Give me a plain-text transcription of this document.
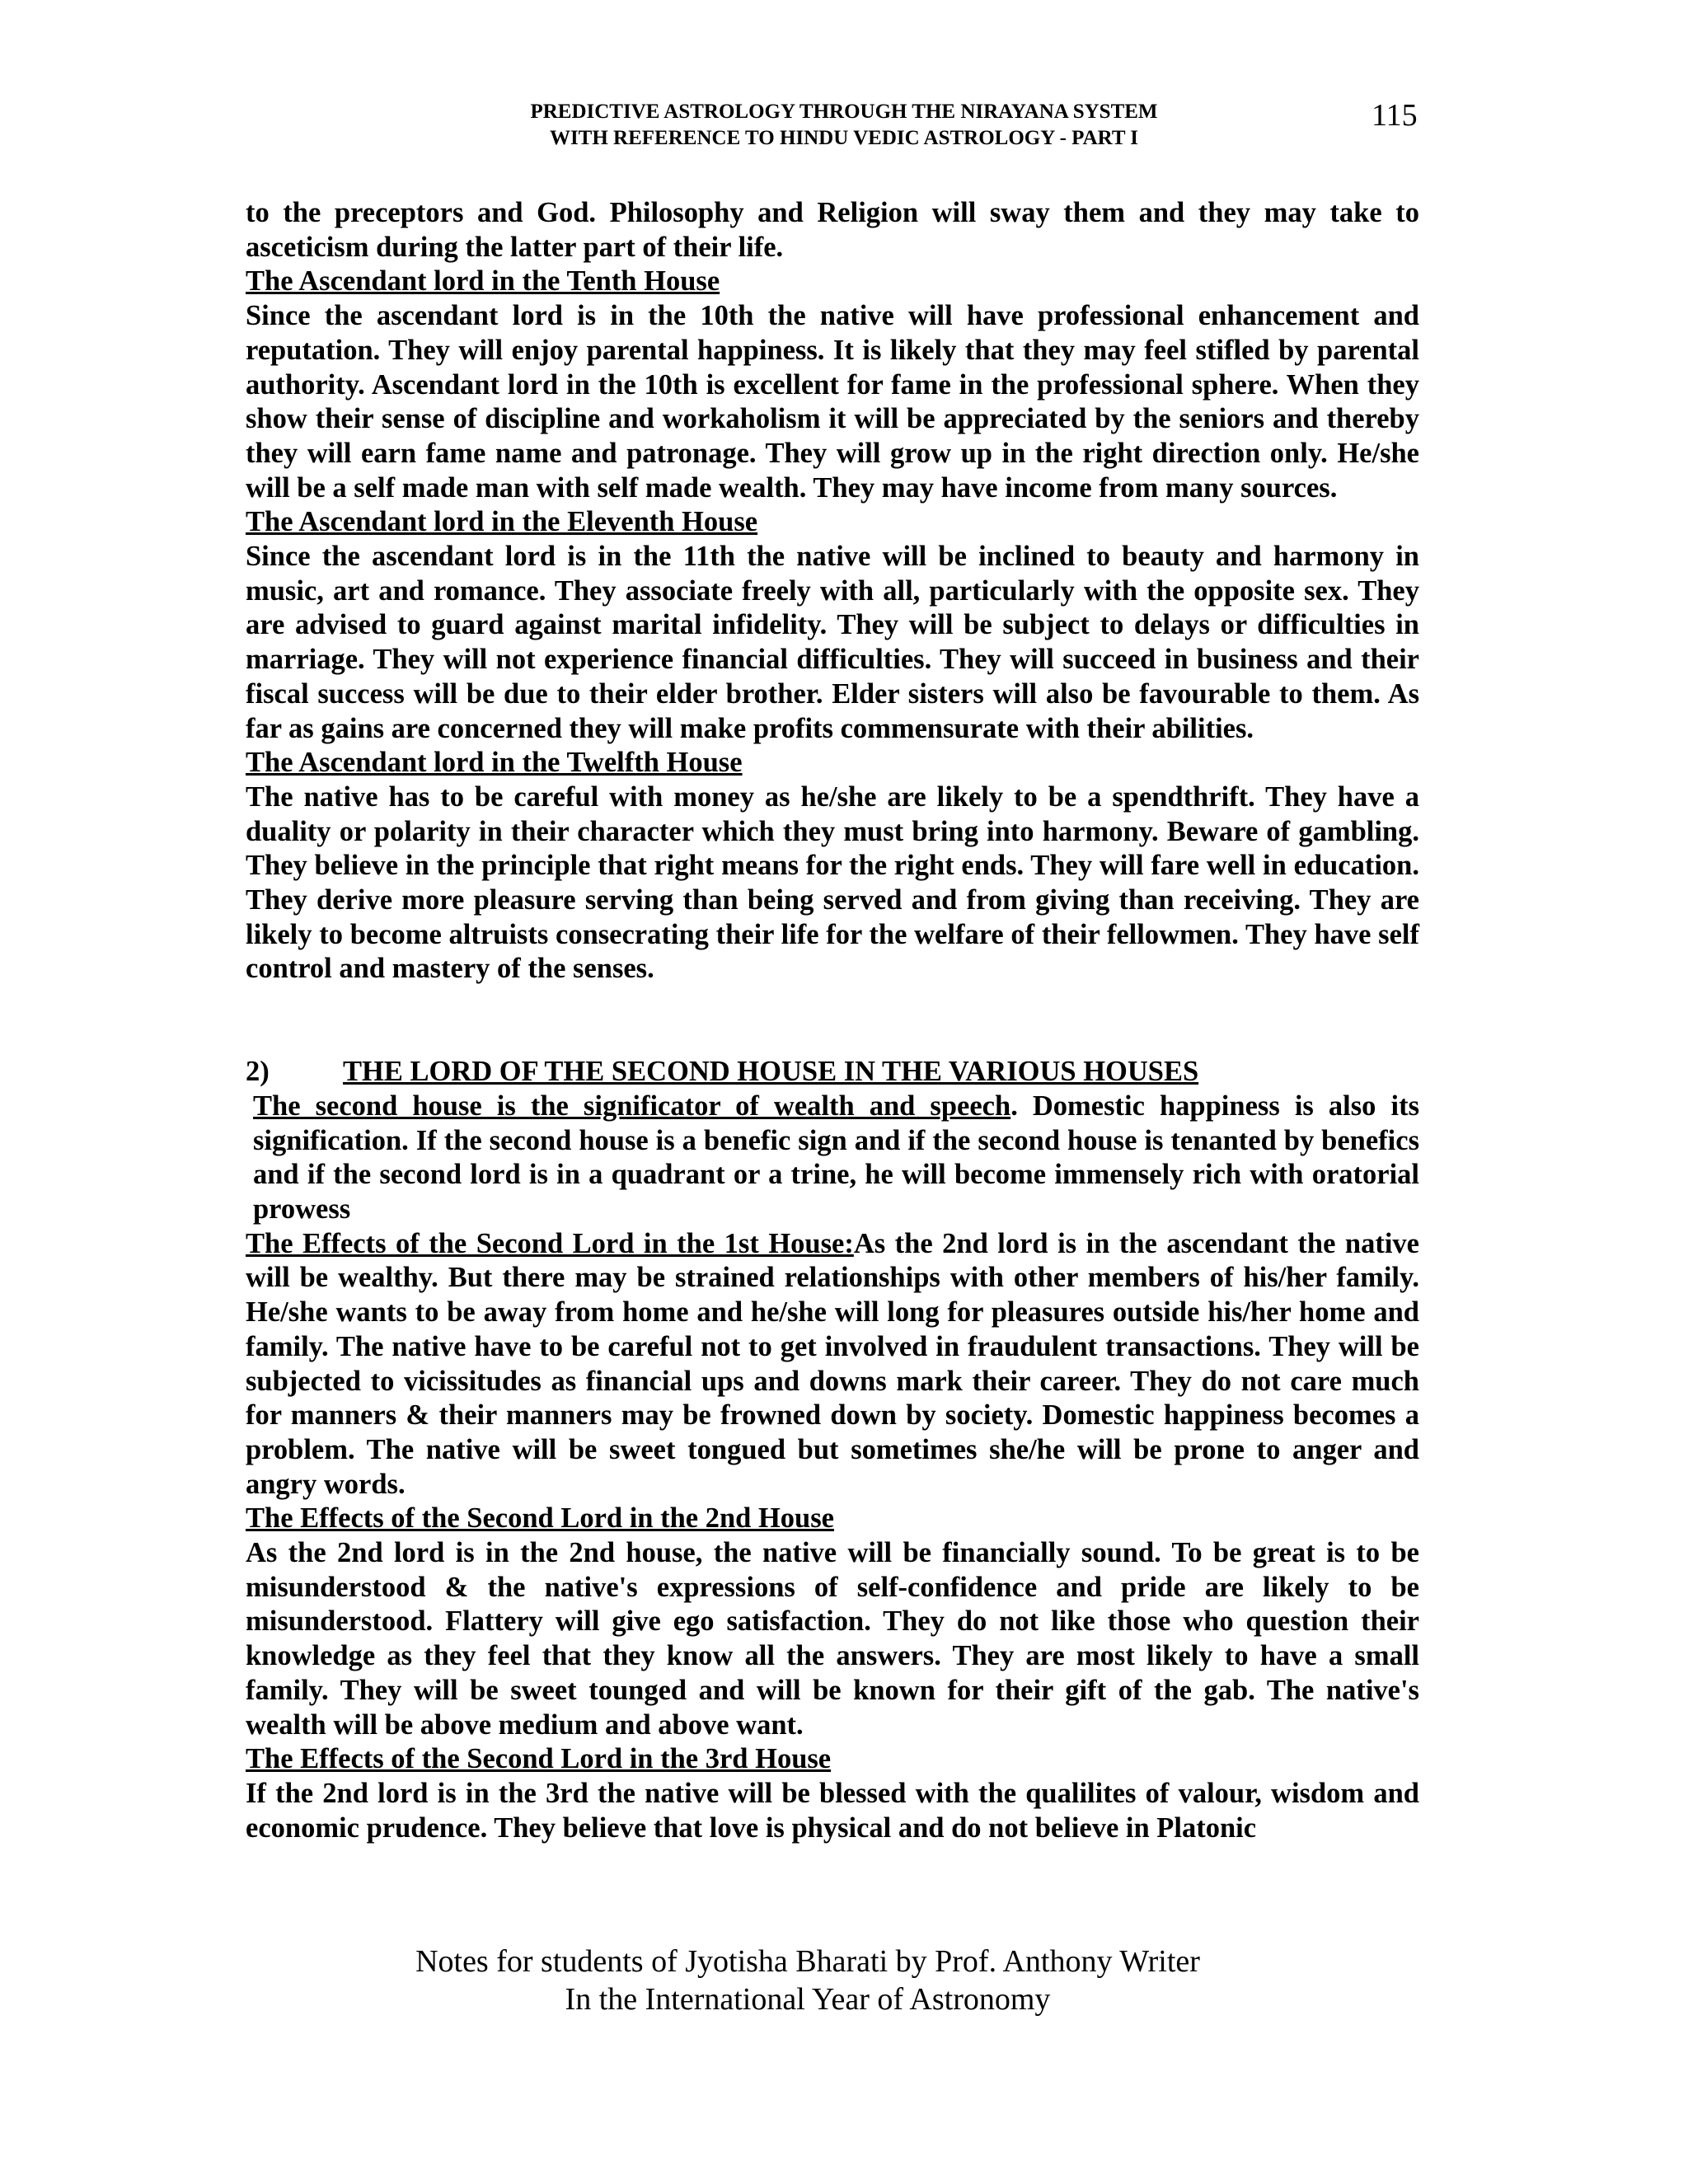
PREDICTIVE ASTROLOGY THROUGH THE NIRAYANA SYSTEM
WITH REFERENCE TO HINDU VEDIC ASTROLOGY - PART I
115

to the preceptors and God. Philosophy and Religion will sway them and they may take to asceticism during the latter part of their life.

The Ascendant lord in the Tenth House

Since the ascendant lord is in the 10th the native will have professional enhancement and reputation. They will enjoy parental happiness. It is likely that they may feel stifled by parental authority. Ascendant lord in the 10th is excellent for fame in the professional sphere. When they show their sense of discipline and workaholism it will be appreciated by the seniors and thereby they will earn fame name and patronage. They will grow up in the right direction only. He/she will be a self made man with self made wealth. They may have income from many sources.

The Ascendant lord in the Eleventh House

Since the ascendant lord is in the 11th the native will be inclined to beauty and harmony in music, art and romance. They associate freely with all, particularly with the opposite sex. They are advised to guard against marital infidelity. They will be subject to delays or difficulties in marriage. They will not experience financial difficulties. They will succeed in business and their fiscal success will be due to their elder brother. Elder sisters will also be favourable to them. As far as gains are concerned they will make profits commensurate with their abilities.

The Ascendant lord in the Twelfth House

The native has to be careful with money as he/she are likely to be a spendthrift. They have a duality or polarity in their character which they must bring into harmony. Beware of gambling. They believe in the principle that right means for the right ends. They will fare well in education. They derive more pleasure serving than being served and from giving than receiving. They are likely to become altruists consecrating their life for the welfare of their fellowmen. They have self control and mastery of the senses.

2)	THE LORD OF THE SECOND HOUSE IN THE VARIOUS HOUSES

The second house is the significator of wealth and speech. Domestic happiness is also its signification. If the second house is a benefic sign and if the second house is tenanted by benefics and if the second lord is in a quadrant or a trine, he will become immensely rich with oratorial prowess

The Effects of the Second Lord in the 1st House:As the 2nd lord is in the ascendant the native will be wealthy. But there may be strained relationships with other members of his/her family. He/she wants to be away from home and he/she will long for pleasures outside his/her home and family. The native have to be careful not to get involved in fraudulent transactions. They will be subjected to vicissitudes as financial ups and downs mark their career. They do not care much for manners & their manners may be frowned down by society. Domestic happiness becomes a problem. The native will be sweet tongued but sometimes she/he will be prone to anger and angry words.

The Effects of the Second Lord in the 2nd House

As the 2nd lord is in the 2nd house, the native will be financially sound. To be great is to be misunderstood & the native's expressions of self-confidence and pride are likely to be misunderstood. Flattery will give ego satisfaction. They do not like those who question their knowledge as they feel that they know all the answers. They are most likely to have a small family. They will be sweet tounged and will be known for their gift of the gab. The native's wealth will be above medium and above want.

The Effects of the Second Lord in the 3rd House

If the 2nd lord is in the 3rd the native will be blessed with the qualilites of valour, wisdom and economic prudence. They believe that love is physical and do not believe in Platonic

Notes for students of Jyotisha Bharati by Prof. Anthony Writer
In the International Year of Astronomy
